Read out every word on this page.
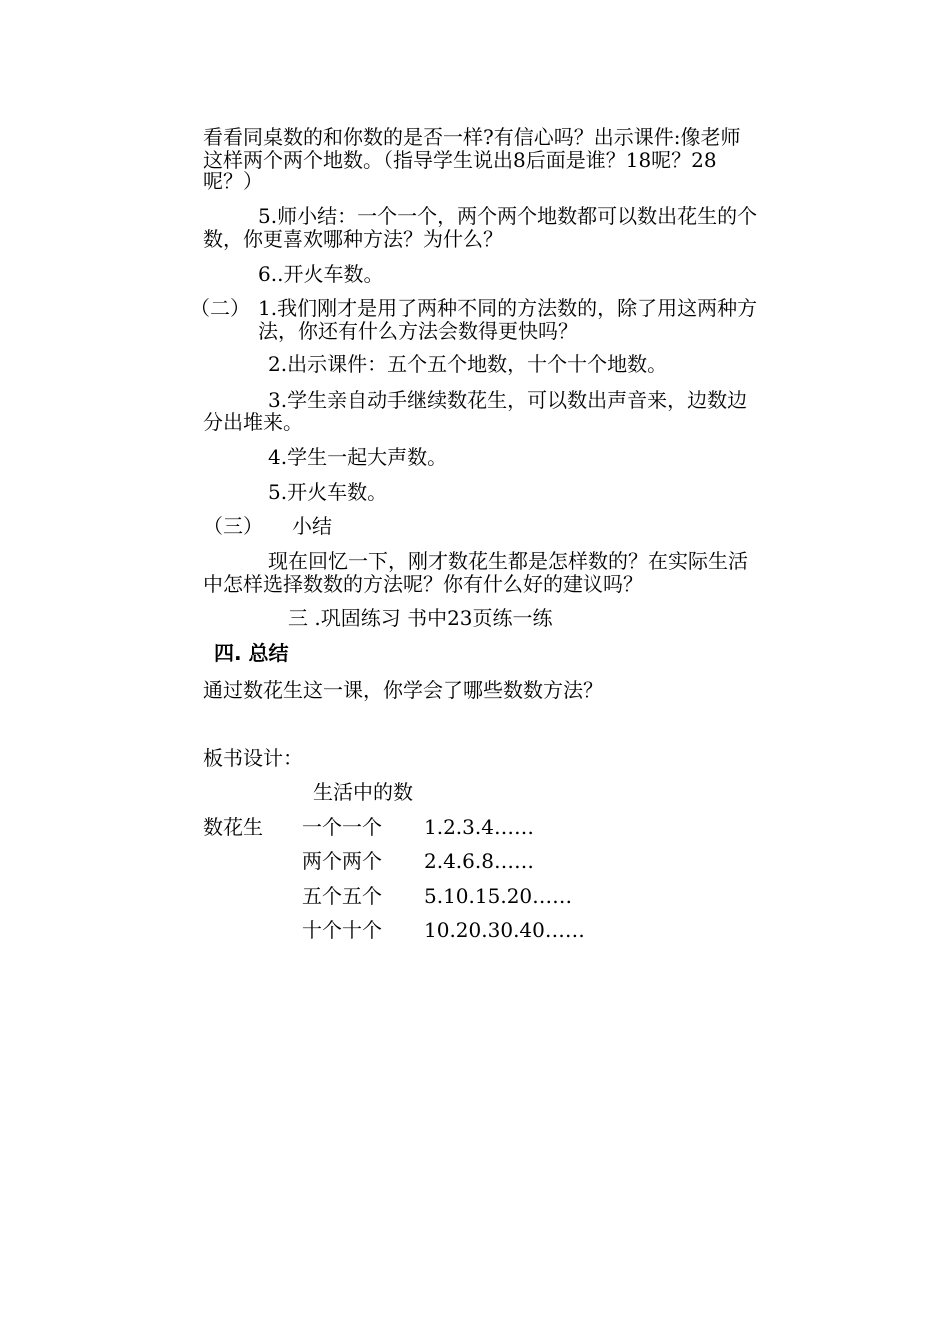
看看同桌数的和你数的是否一样?有信心吗？出示课件:像老师
这样两个两个地数。（指导学生说出8后面是谁？18呢？28
呢？）
5.师小结：一个一个，两个两个地数都可以数出花生的个
数，你更喜欢哪种方法？为什么？
6..开火车数。
（二） 1.我们刚才是用了两种不同的方法数的，除了用这两种方
法，你还有什么方法会数得更快吗？
2.出示课件：五个五个地数，十个十个地数。
3.学生亲自动手继续数花生，可以数出声音来，边数边
分出堆来。
4.学生一起大声数。
5.开火车数。
（三） 小结
现在回忆一下，刚才数花生都是怎样数的？在实际生活
中怎样选择数数的方法呢？你有什么好的建议吗？
三 .巩固练习 书中23页练一练
四. 总结
通过数花生这一课，你学会了哪些数数方法？
板书设计：
生活中的数
数花生 一个一个 1.2.3.4……
两个两个 2.4.6.8……
五个五个 5.10.15.20……
十个十个 10.20.30.40……
